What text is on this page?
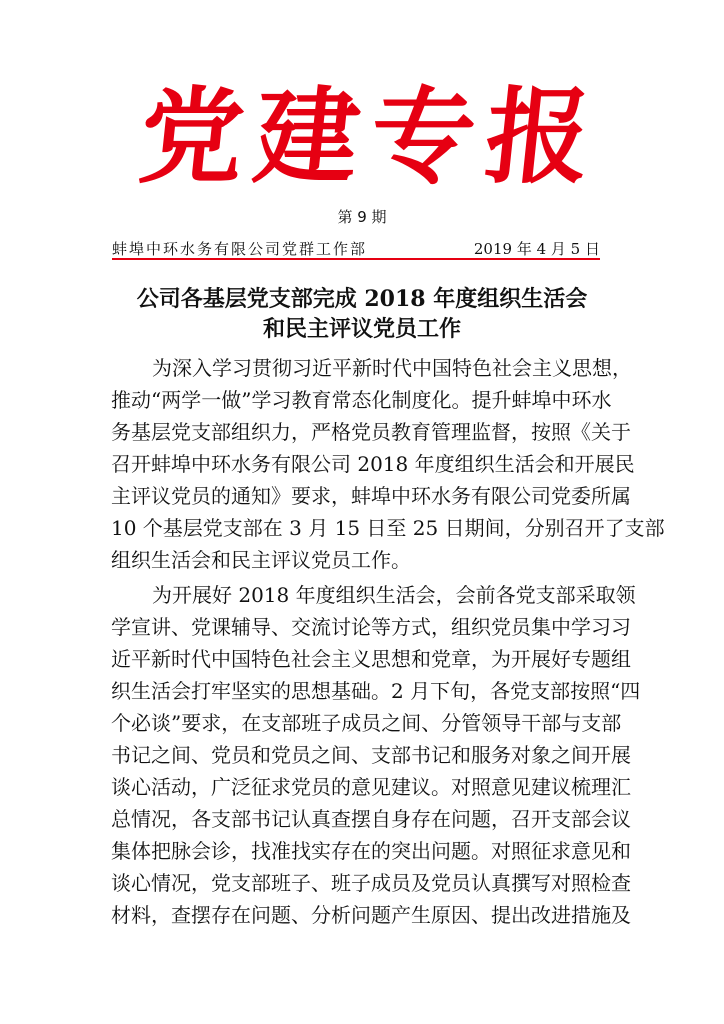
党
建
专
报
第 9 期
蚌埠中环水务有限公司党群工作部	2019 年 4 月 5 日
公司各基层党支部完成 2018 年度组织生活会
和民主评议党员工作
为深入学习贯彻习近平新时代中国特色社会主义思想，
推动“两学一做”学习教育常态化制度化。提升蚌埠中环水
务基层党支部组织力，严格党员教育管理监督，按照《关于
召开蚌埠中环水务有限公司 2018 年度组织生活会和开展民
主评议党员的通知》要求，蚌埠中环水务有限公司党委所属
10 个基层党支部在 3 月 15 日至 25 日期间，分别召开了支部
组织生活会和民主评议党员工作。
为开展好 2018 年度组织生活会，会前各党支部采取领
学宣讲、党课辅导、交流讨论等方式，组织党员集中学习习
近平新时代中国特色社会主义思想和党章，为开展好专题组
织生活会打牢坚实的思想基础。2 月下旬，各党支部按照“四
个必谈”要求，在支部班子成员之间、分管领导干部与支部
书记之间、党员和党员之间、支部书记和服务对象之间开展
谈心活动，广泛征求党员的意见建议。对照意见建议梳理汇
总情况，各支部书记认真查摆自身存在问题，召开支部会议
集体把脉会诊，找准找实存在的突出问题。对照征求意见和
谈心情况，党支部班子、班子成员及党员认真撰写对照检查
材料，查摆存在问题、分析问题产生原因、提出改进措施及
